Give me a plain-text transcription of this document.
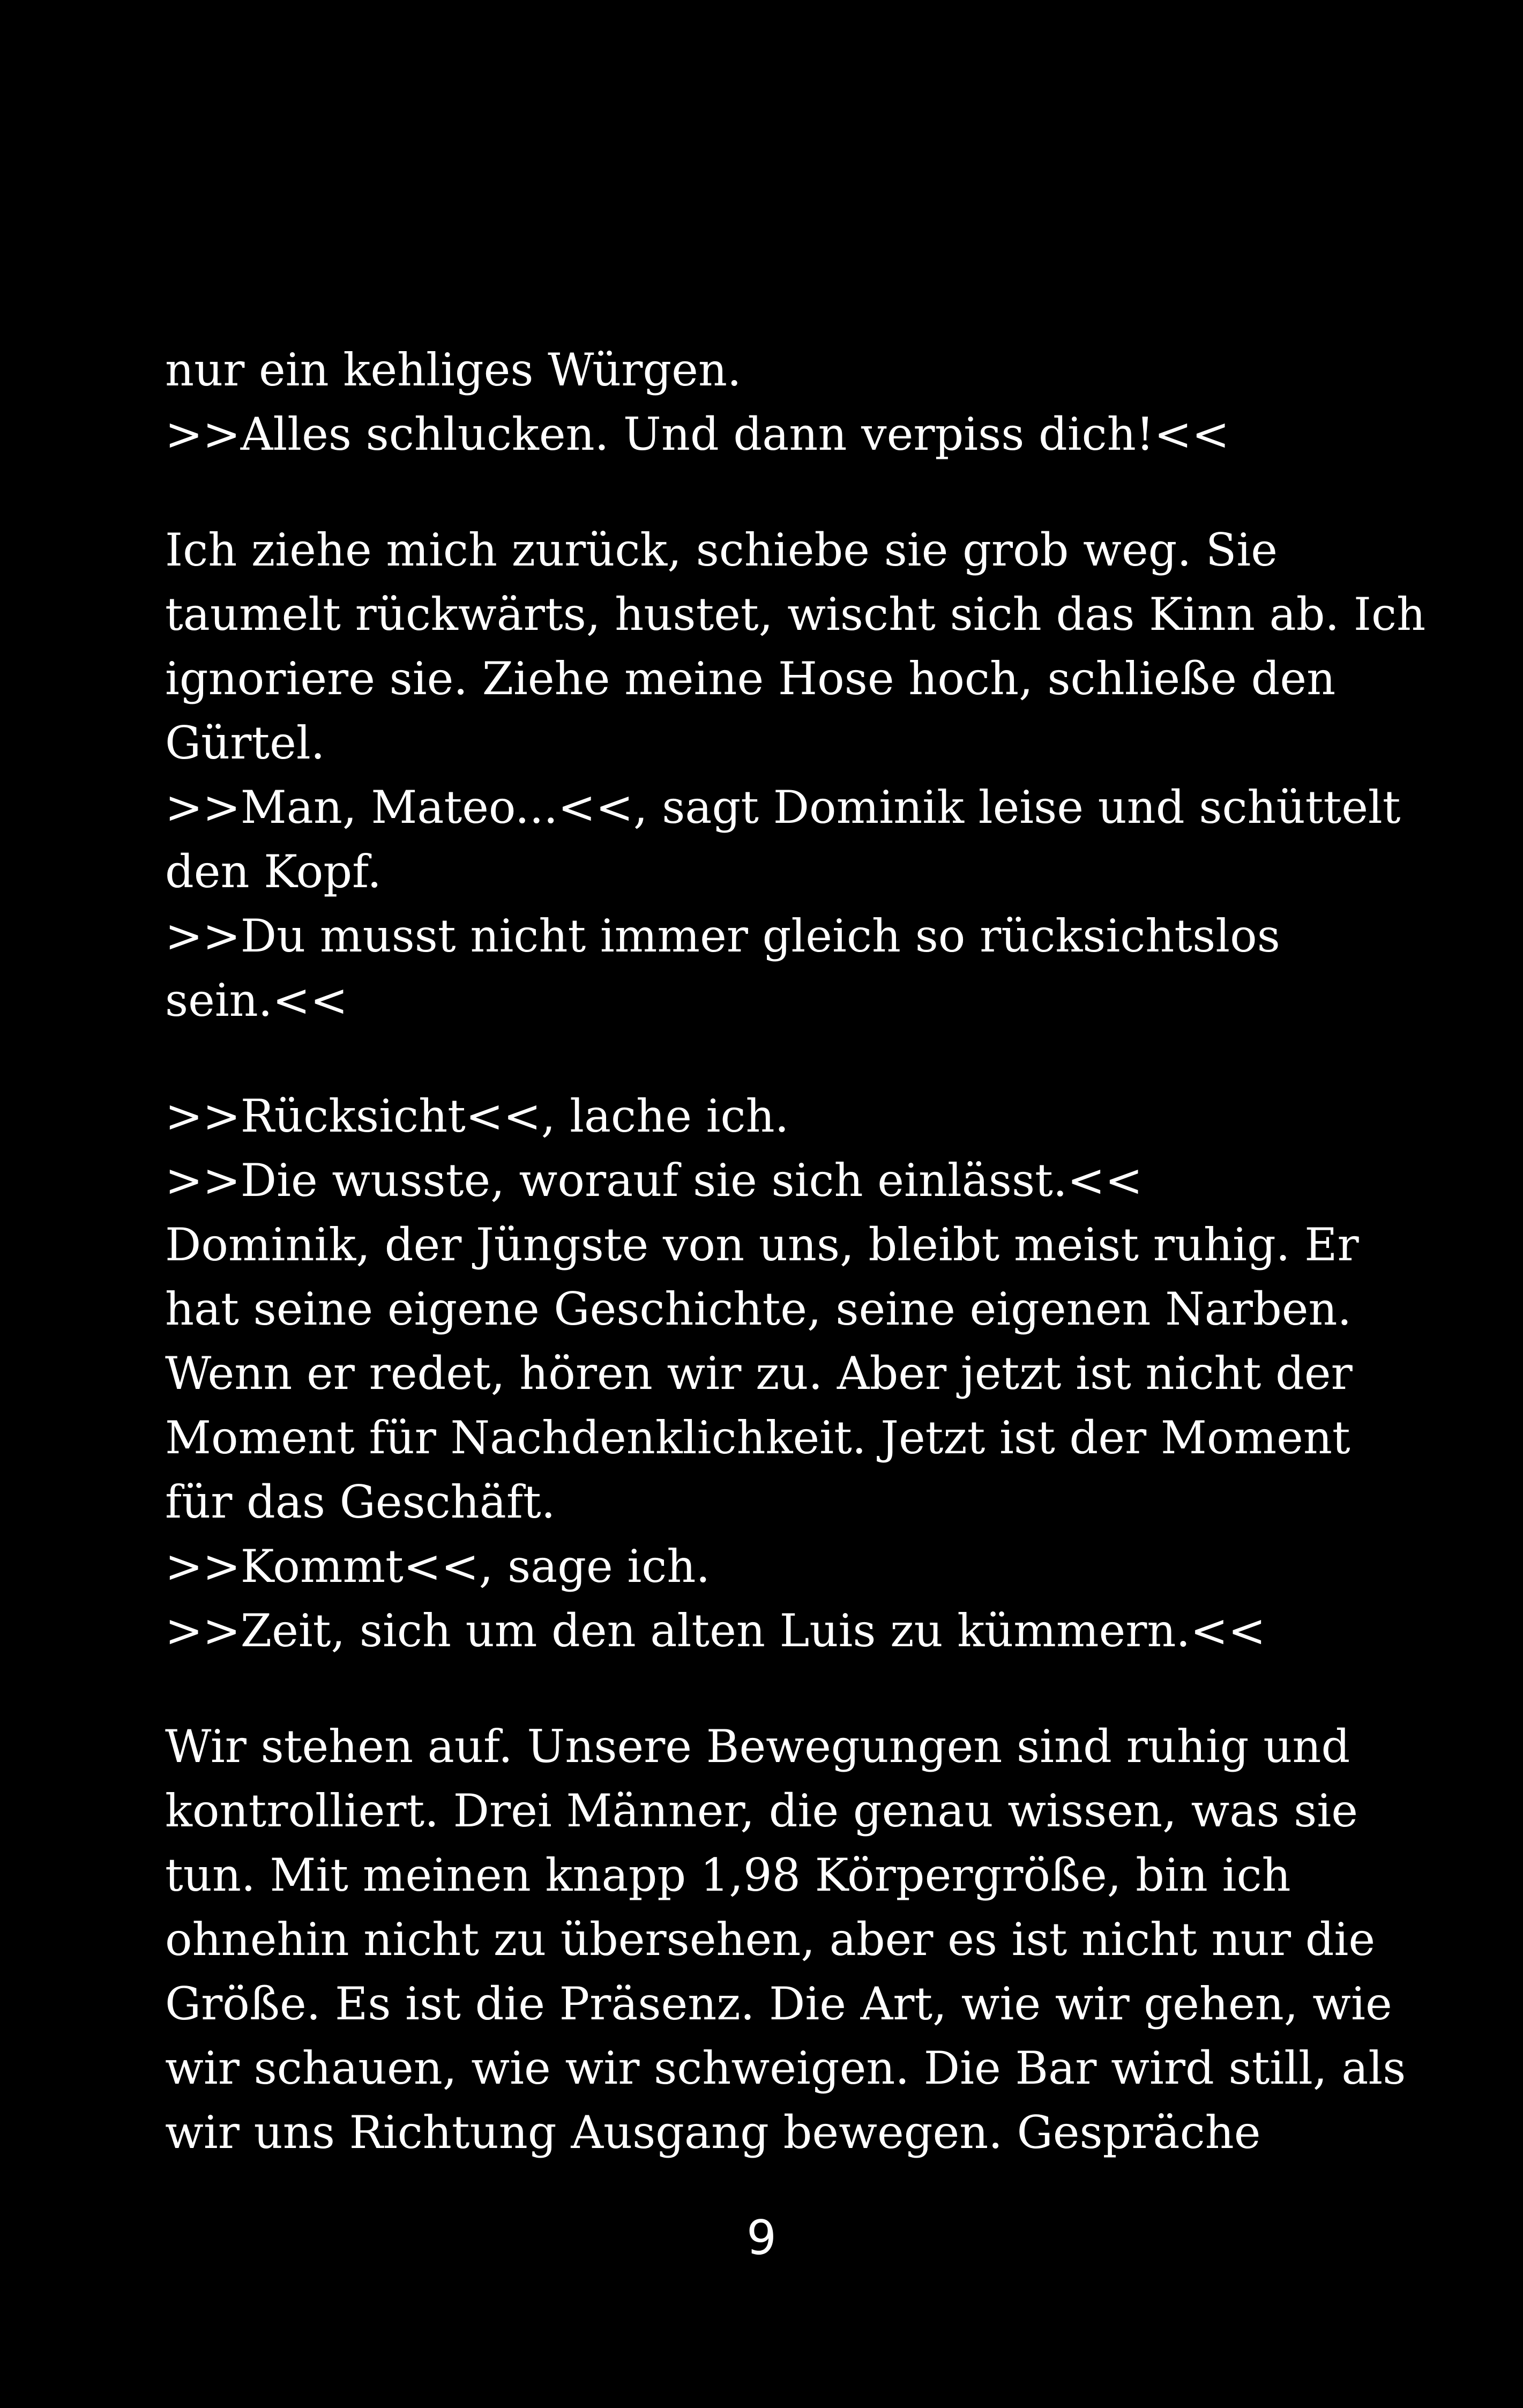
nur ein kehliges Würgen.
>>Alles schlucken. Und dann verpiss dich!<<
Ich ziehe mich zurück, schiebe sie grob weg. Sie
taumelt rückwärts, hustet, wischt sich das Kinn ab. Ich
ignoriere sie. Ziehe meine Hose hoch, schließe den
Gürtel.
>>Man, Mateo...<<, sagt Dominik leise und schüttelt
den Kopf.
>>Du musst nicht immer gleich so rücksichtslos
sein.<<
>>Rücksicht<<, lache ich.
>>Die wusste, worauf sie sich einlässt.<<
Dominik, der Jüngste von uns, bleibt meist ruhig. Er
hat seine eigene Geschichte, seine eigenen Narben.
Wenn er redet, hören wir zu. Aber jetzt ist nicht der
Moment für Nachdenklichkeit. Jetzt ist der Moment
für das Geschäft.
>>Kommt<<, sage ich.
>>Zeit, sich um den alten Luis zu kümmern.<<
Wir stehen auf. Unsere Bewegungen sind ruhig und
kontrolliert. Drei Männer, die genau wissen, was sie
tun. Mit meinen knapp 1,98 Körpergröße, bin ich
ohnehin nicht zu übersehen, aber es ist nicht nur die
Größe. Es ist die Präsenz. Die Art, wie wir gehen, wie
wir schauen, wie wir schweigen. Die Bar wird still, als
wir uns Richtung Ausgang bewegen. Gespräche
9
